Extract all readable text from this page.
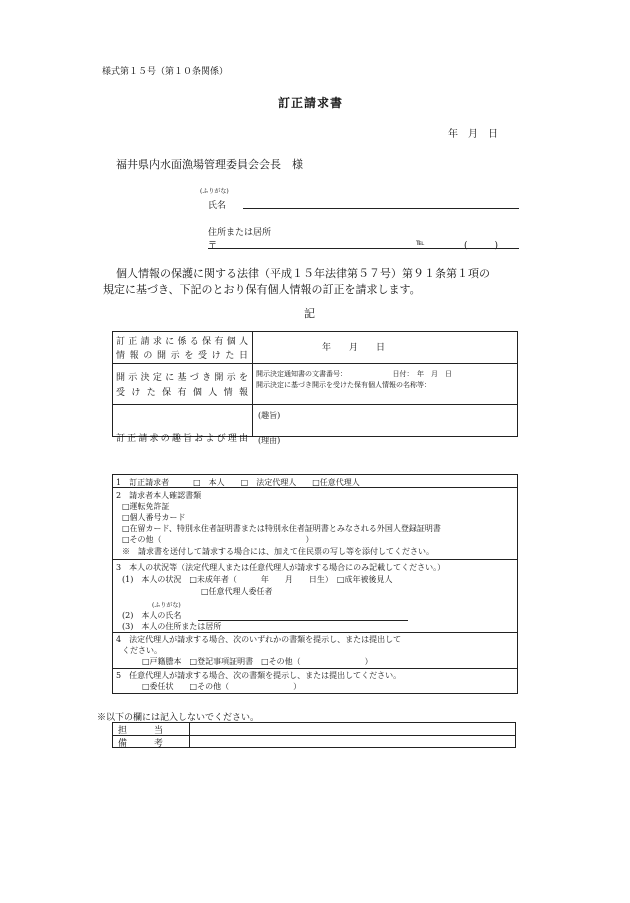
様式第１５号（第１０条関係）
訂正請求書
年　月　日
福井県内水面漁場管理委員会会長　様
(ふりがな)
氏名
住所または居所
〒	℡	(　　　)
個人情報の保護に関する法律（平成１５年法律第５７号）第９１条第１項の
規定に基づき、下記のとおり保有個人情報の訂正を請求します。
記
訂正請求に係る保有個人
情報の開示を受けた日
年　　月　　日
開示決定に基づき開示を
受けた保有個人情報
開示決定通知書の文書番号：　　　　　　　日付：　年　月　日
開示決定に基づき開示を受けた保有個人情報の名称等：
訂正請求の趣旨および理由
(趣旨)
(理由)
1　訂正請求者　　　□　本人　　□　法定代理人　　□任意代理人
2　請求者本人確認書類
□運転免許証
□個人番号カード
□在留カード、特別永住者証明書または特別永住者証明書とみなされる外国人登録証明書
□その他（　　　　　　　　　　　　　　　　　　）
※　請求書を送付して請求する場合には、加えて住民票の写し等を添付してください。
3　本人の状況等（法定代理人または任意代理人が請求する場合にのみ記載してください。）
(1)　本人の状況　□未成年者（　　　年　　月　　日生）　□成年被後見人
□任意代理人委任者
(ふりがな)
(2)　本人の氏名
(3)　本人の住所または居所
4　法定代理人が請求する場合、次のいずれかの書類を提示し、または提出して
ください。
□戸籍謄本　□登記事項証明書　□その他（　　　　　　　　）
5　任意代理人が請求する場合、次の書類を提示し、または提出してください。
□委任状　　□その他（　　　　　　　　）
※以下の欄には記入しないでください。
担　　　当
備　　　考
